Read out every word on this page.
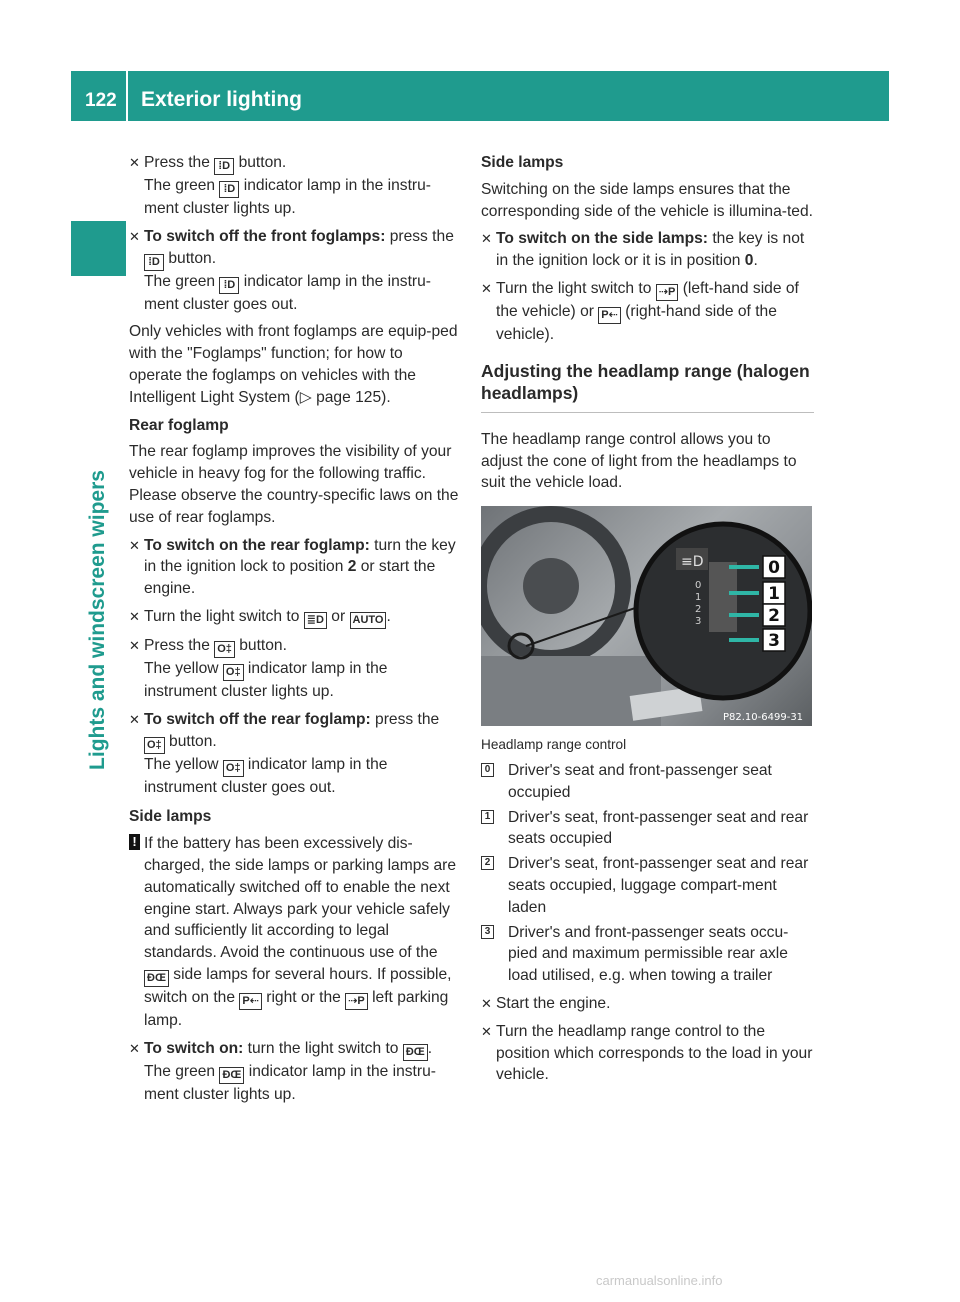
122 Exterior lighting
Lights and windscreen wipers
✕ Press the ⁞D button.
The green ⁞D indicator lamp in the instru-ment cluster lights up.
✕ To switch off the front foglamps: press the ⁞D button.
The green ⁞D indicator lamp in the instru-ment cluster goes out.

Only vehicles with front foglamps are equip-ped with the "Foglamps" function; for how to operate the foglamps on vehicles with the Intelligent Light System (▷ page 125).

Rear foglamp

The rear foglamp improves the visibility of your vehicle in heavy fog for the following traffic. Please observe the country-specific laws on the use of rear foglamps.

✕ To switch on the rear foglamp: turn the key in the ignition lock to position 2 or start the engine.
✕ Turn the light switch to ≣D or AUTO .
✕ Press the O‡ button.
The yellow O‡ indicator lamp in the instrument cluster lights up.
✕ To switch off the rear foglamp: press the
O‡ button.
The yellow O‡ indicator lamp in the instrument cluster goes out.
Side lamps
! If the battery has been excessively dis-charged, the side lamps or parking lamps are automatically switched off to enable the next engine start. Always park your vehicle safely and sufficiently lit according to legal standards. Avoid the continuous use of the ĐŒ side lamps for several hours. If possible, switch on the P⇠ right or the ⇢P left parking lamp.
✕ To switch on: turn the light switch to ĐŒ .
The green ĐŒ indicator lamp in the instru-ment cluster lights up.
Side lamps

Switching on the side lamps ensures that the corresponding side of the vehicle is illumina-ted.

✕ To switch on the side lamps: the key is not in the ignition lock or it is in position 0.
✕ Turn the light switch to ⇢P (left-hand side of the vehicle) or P⇠ (right-hand side of the vehicle).
Adjusting the headlamp range (halogen headlamps)

The headlamp range control allows you to adjust the cone of light from the headlamps to suit the vehicle load.

≡D
0
1
2
3
0
1
2
3
P82.10-6499-31
Headlamp range control
0 Driver's seat and front-passenger seat occupied
1 Driver's seat, front-passenger seat and rear seats occupied
2 Driver's seat, front-passenger seat and rear seats occupied, luggage compart-ment laden
3 Driver's and front-passenger seats occu-pied and maximum permissible rear axle load utilised, e.g. when towing a trailer
✕ Start the engine.
✕ Turn the headlamp range control to the position which corresponds to the load in your vehicle.
carmanualsonline.info
